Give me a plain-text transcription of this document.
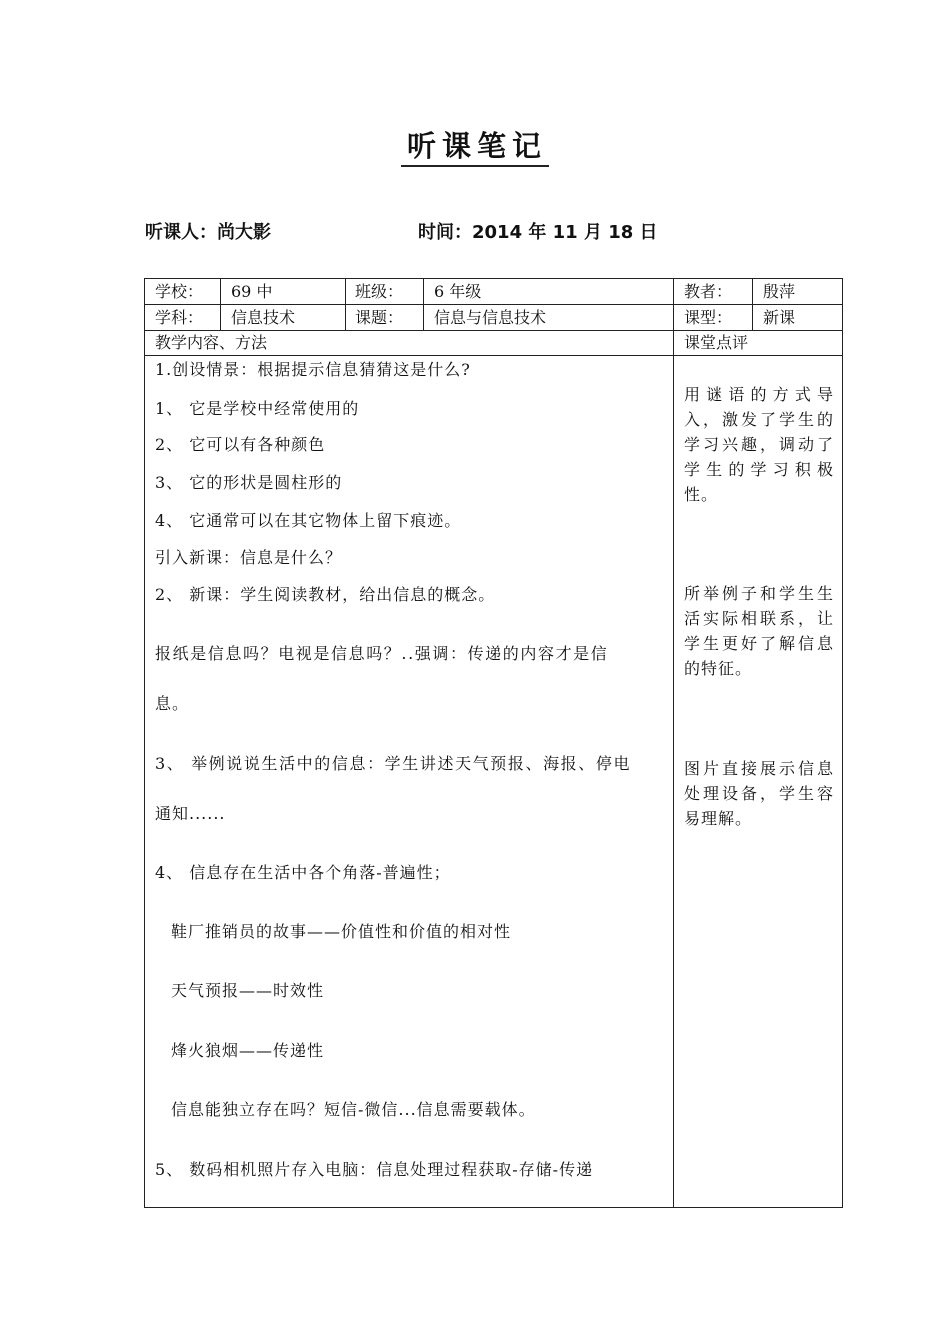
听课笔记
听课人：尚大影	时间：2014 年 11 月 18 日
学校： 69 中	班级： 6 年级	教者： 殷萍
学科： 信息技术	课题： 信息与信息技术	课型： 新课
教学内容、方法	课堂点评
1.创设情景：根据提示信息猜猜这是什么?
1、 它是学校中经常使用的
2、 它可以有各种颜色
3、 它的形状是圆柱形的
4、 它通常可以在其它物体上留下痕迹。
引入新课：信息是什么？
2、 新课：学生阅读教材，给出信息的概念。
报纸是信息吗？电视是信息吗？..强调：传递的内容才是信
息。
3、 举例说说生活中的信息：学生讲述天气预报、海报、停电
通知......
4、 信息存在生活中各个角落-普遍性；
鞋厂推销员的故事——价值性和价值的相对性
天气预报——时效性
烽火狼烟——传递性
信息能独立存在吗？短信-微信...信息需要载体。
5、 数码相机照片存入电脑：信息处理过程获取-存储-传递
用谜语的方式导入，激发了学生的学习兴趣，调动了学生的学习积极性。
所举例子和学生生活实际相联系，让学生更好了解信息的特征。
图片直接展示信息处理设备，学生容易理解。
